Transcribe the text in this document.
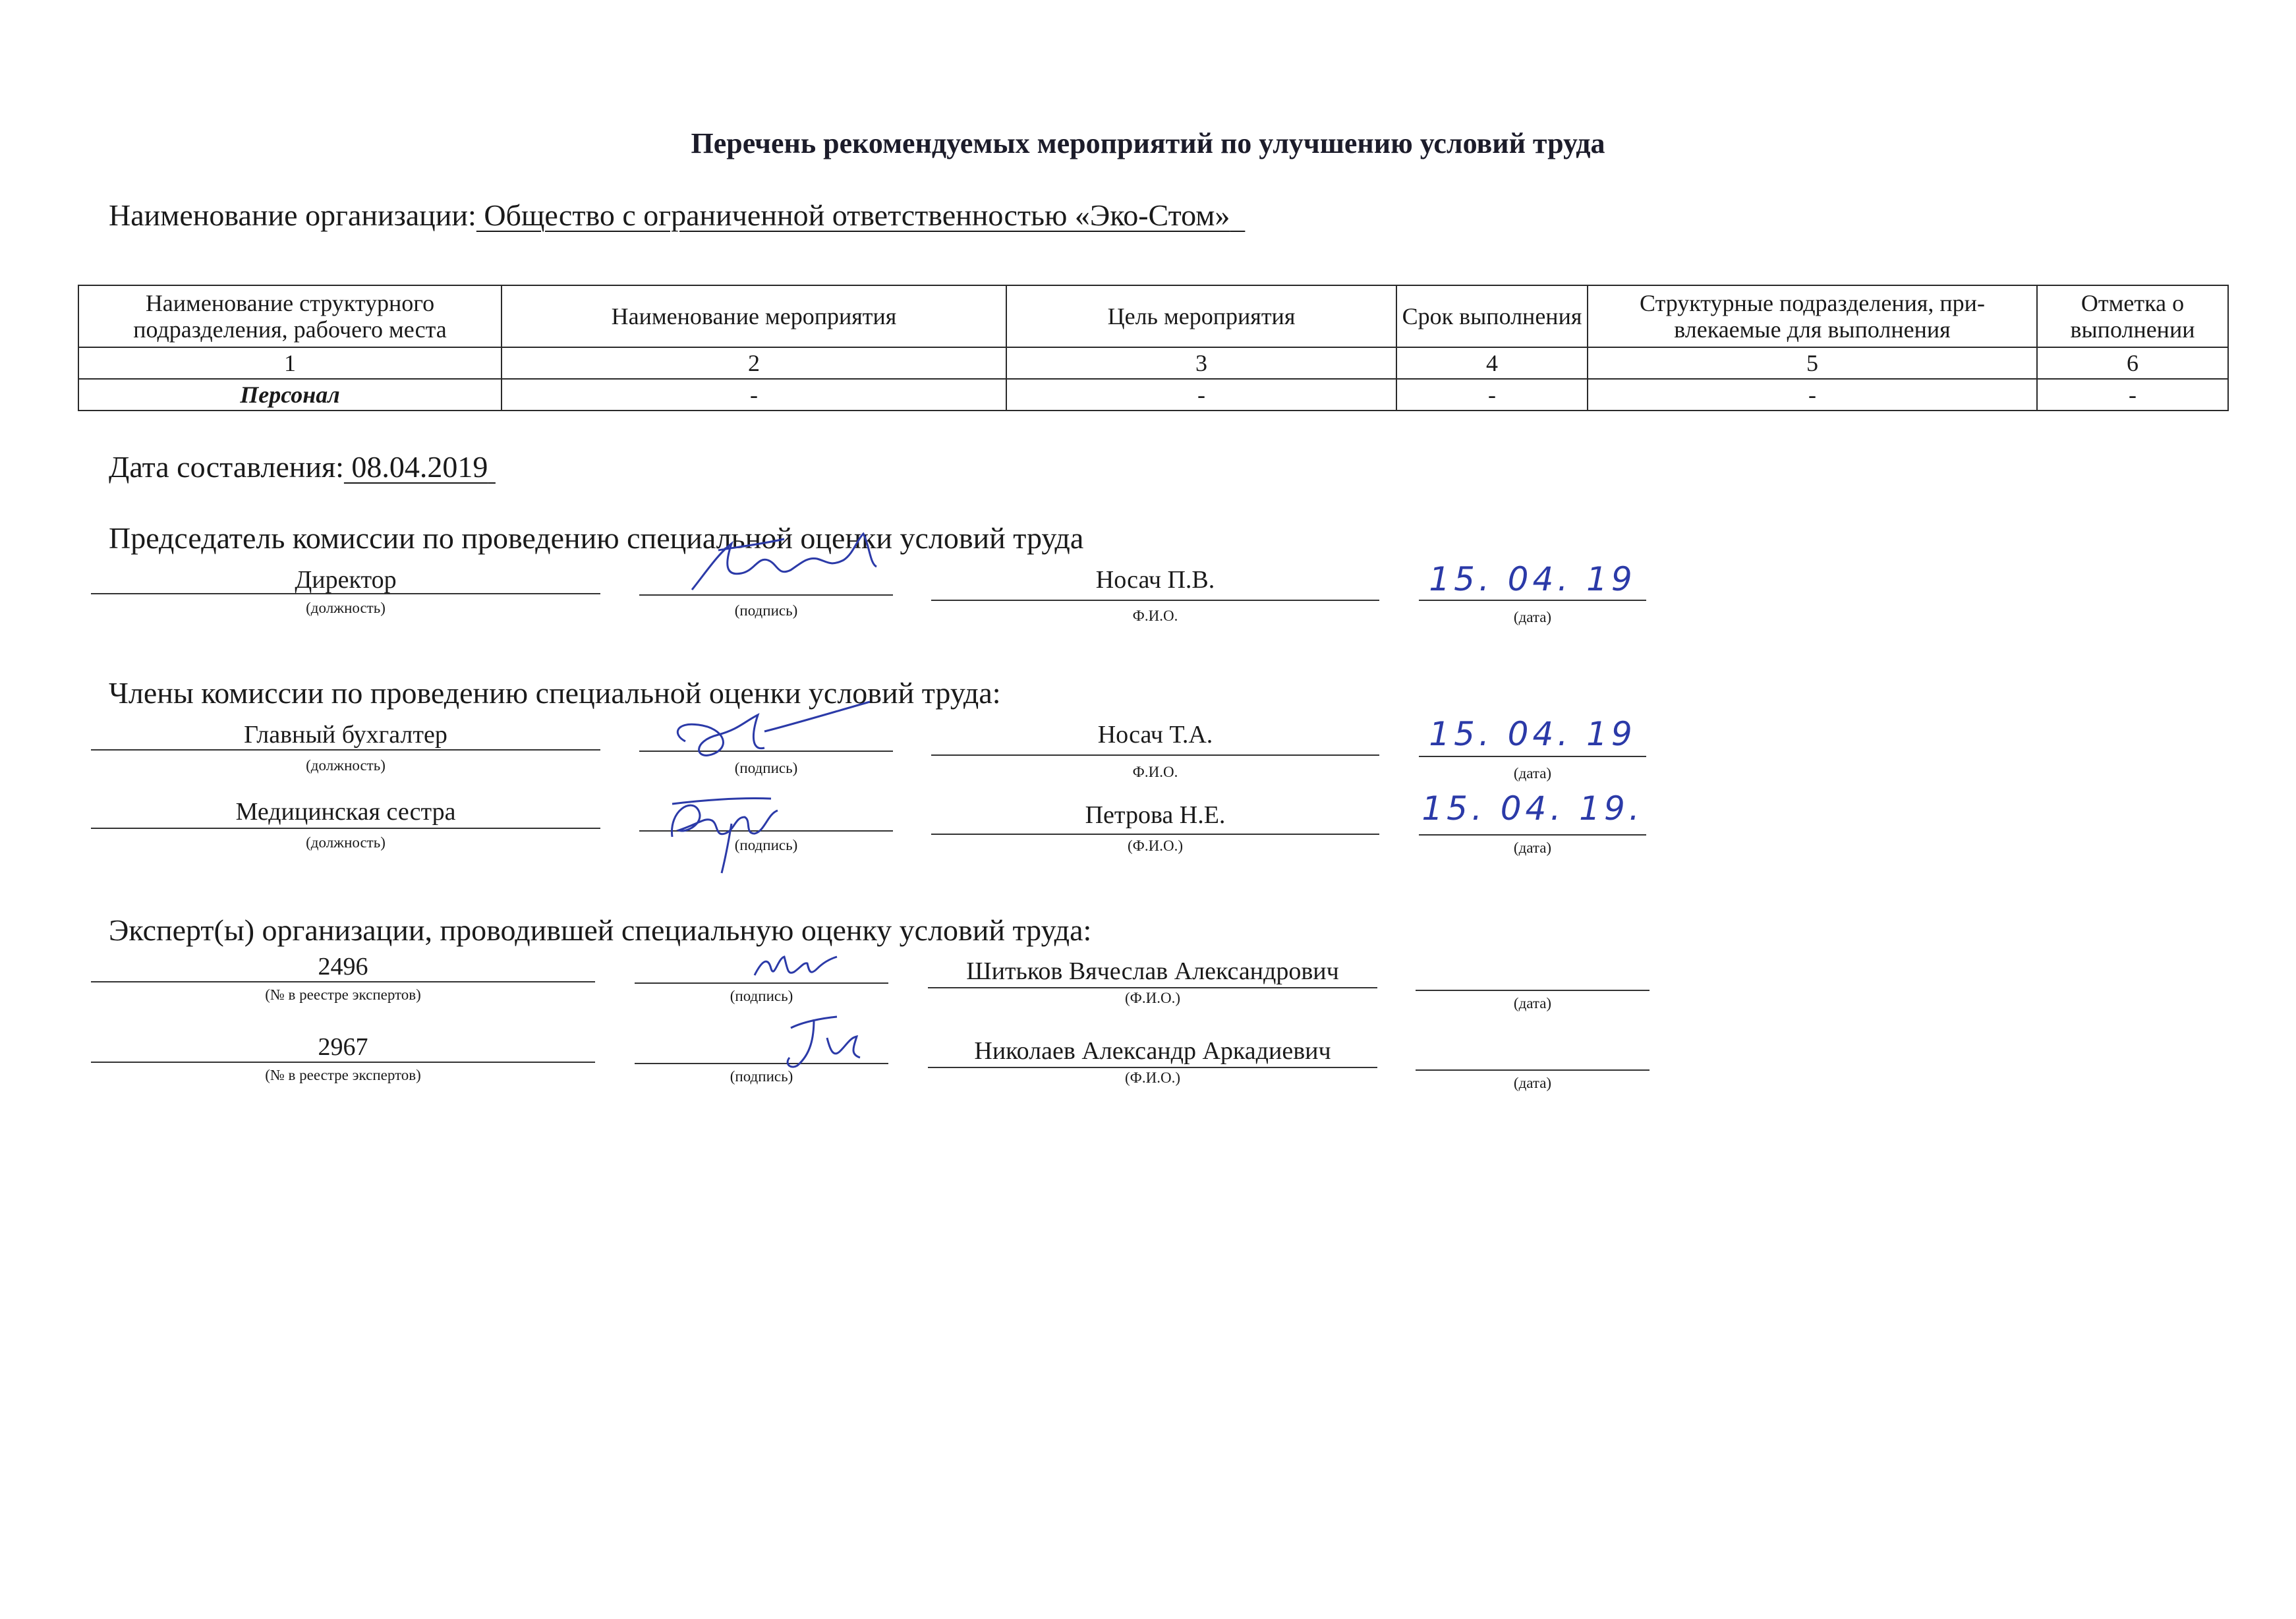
Перечень рекомендуемых мероприятий по улучшению условий труда
Наименование организации: Общество с ограниченной ответственностью «Эко-Стом»
Наименование структурного подразделения, рабочего места	Наименование мероприятия	Цель мероприятия	Срок выполнения	Структурные подразделения, при-влекаемые для выполнения	Отметка о выполнении
1	2	3	4	5	6
Персонал	-	-	-	-	-
Дата составления: 08.04.2019
Председатель комиссии по проведению специальной оценки условий труда
Директор
(должность)	(подпись)
Носач П.В.
Ф.И.О.
15. 04. 19
(дата)
Члены комиссии по проведению специальной оценки условий труда:
Главный бухгалтер
(должность)	(подпись)
Носач Т.А.
Ф.И.О.
15. 04. 19
(дата)
Медицинская сестра
(должность)	(подпись)
Петрова Н.Е.
(Ф.И.О.)
15. 04. 19.
(дата)
Эксперт(ы) организации, проводившей специальную оценку условий труда:
2496
(№ в реестре экспертов)	(подпись)
Шитьков Вячеслав Александрович
(Ф.И.О.)	(дата)
2967
(№ в реестре экспертов)	(подпись)
Николаев Александр Аркадиевич
(Ф.И.О.)	(дата)
